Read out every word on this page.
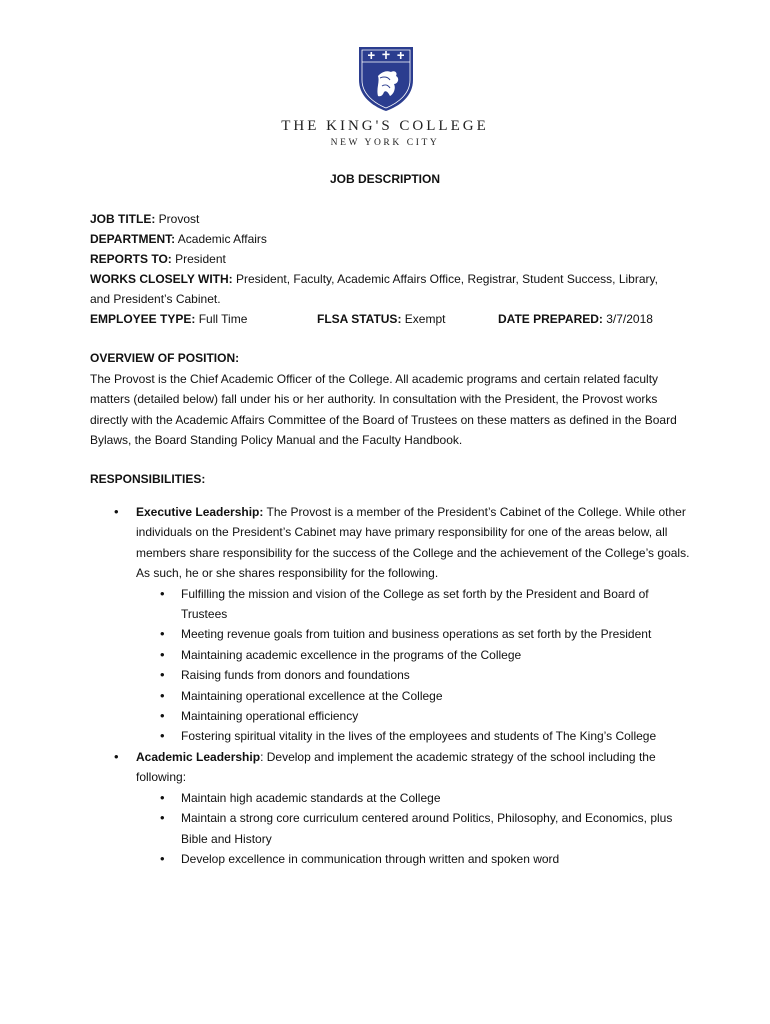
THE KING'S COLLEGE
NEW YORK CITY
JOB DESCRIPTION
JOB TITLE: Provost
DEPARTMENT: Academic Affairs
REPORTS TO: President
WORKS CLOSELY WITH: President, Faculty, Academic Affairs Office, Registrar, Student Success, Library,
and President’s Cabinet.
EMPLOYEE TYPE: Full Time	FLSA STATUS: Exempt	DATE PREPARED: 3/7/2018
OVERVIEW OF POSITION:
The Provost is the Chief Academic Officer of the College. All academic programs and certain related faculty matters (detailed below) fall under his or her authority. In consultation with the President, the Provost works directly with the Academic Affairs Committee of the Board of Trustees on these matters as defined in the Board Bylaws, the Board Standing Policy Manual and the Faculty Handbook.
RESPONSIBILITIES:
• Executive Leadership: The Provost is a member of the President’s Cabinet of the College. While other individuals on the President’s Cabinet may have primary responsibility for one of the areas below, all members share responsibility for the success of the College and the achievement of the College’s goals. As such, he or she shares responsibility for the following.
• Fulfilling the mission and vision of the College as set forth by the President and Board of Trustees
• Meeting revenue goals from tuition and business operations as set forth by the President
• Maintaining academic excellence in the programs of the College
• Raising funds from donors and foundations
• Maintaining operational excellence at the College
• Maintaining operational efficiency
• Fostering spiritual vitality in the lives of the employees and students of The King’s College
• Academic Leadership: Develop and implement the academic strategy of the school including the following:
• Maintain high academic standards at the College
• Maintain a strong core curriculum centered around Politics, Philosophy, and Economics, plus Bible and History
• Develop excellence in communication through written and spoken word
